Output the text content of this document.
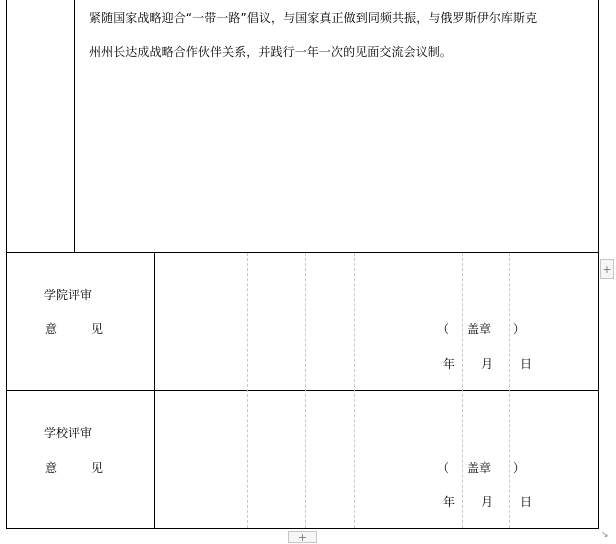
紧随国家战略迎合“一带一路”倡议，与国家真正做到同频共振，与俄罗斯伊尔库斯克
州州长达成战略合作伙伴关系，并践行一年一次的见面交流会议制。
学院评审
意	见	（ 盖章 ）
年 月 日
学校评审
意	见	（ 盖章 ）
年 月 日
+
+	↘
